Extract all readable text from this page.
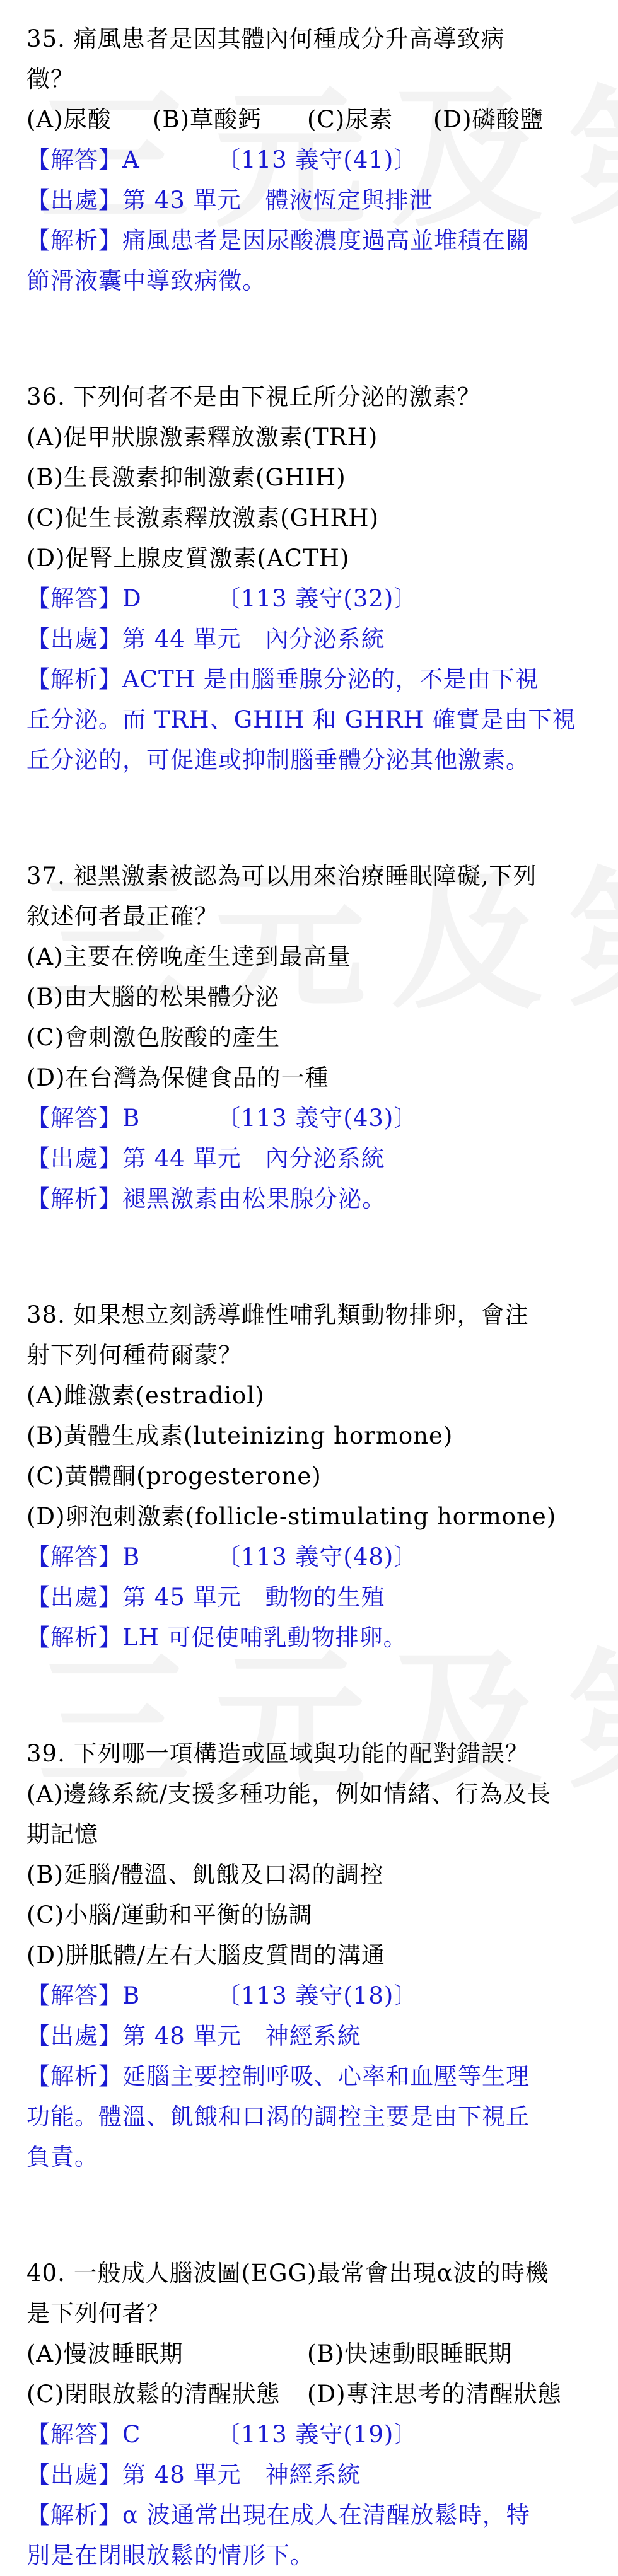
35. 痛風患者是因其體內何種成分升高導致病
徵？
(A)尿酸 (B)草酸鈣 (C)尿素 (D)磷酸鹽
【解答】A	〔113 義守(41)〕
【出處】第 43 單元　體液恆定與排泄
【解析】痛風患者是因尿酸濃度過高並堆積在關
節滑液囊中導致病徵。
36. 下列何者不是由下視丘所分泌的激素？
(A)促甲狀腺激素釋放激素(TRH)
(B)生長激素抑制激素(GHIH)
(C)促生長激素釋放激素(GHRH)
(D)促腎上腺皮質激素(ACTH)
【解答】D	〔113 義守(32)〕
【出處】第 44 單元　內分泌系統
【解析】ACTH 是由腦垂腺分泌的，不是由下視
丘分泌。而 TRH、GHIH 和 GHRH 確實是由下視
丘分泌的，可促進或抑制腦垂體分泌其他激素。
37. 褪黑激素被認為可以用來治療睡眠障礙,下列
敘述何者最正確？
(A)主要在傍晚產生達到最高量
(B)由大腦的松果體分泌
(C)會刺激色胺酸的產生
(D)在台灣為保健食品的一種
【解答】B	〔113 義守(43)〕
【出處】第 44 單元　內分泌系統
【解析】褪黑激素由松果腺分泌。
38. 如果想立刻誘導雌性哺乳類動物排卵，會注
射下列何種荷爾蒙？
(A)雌激素(estradiol)
(B)黃體生成素(luteinizing hormone)
(C)黃體酮(progesterone)
(D)卵泡刺激素(follicle-stimulating hormone)
【解答】B	〔113 義守(48)〕
【出處】第 45 單元　動物的生殖
【解析】LH 可促使哺乳動物排卵。
39. 下列哪一項構造或區域與功能的配對錯誤？
(A)邊緣系統/支援多種功能，例如情緒、行為及長
期記憶
(B)延腦/體溫、飢餓及口渴的調控
(C)小腦/運動和平衡的協調
(D)胼胝體/左右大腦皮質間的溝通
【解答】B	〔113 義守(18)〕
【出處】第 48 單元　神經系統
【解析】延腦主要控制呼吸、心率和血壓等生理
功能。體溫、飢餓和口渴的調控主要是由下視丘
負責。
40. 一般成人腦波圖(EGG)最常會出現α波的時機
是下列何者？
(A)慢波睡眠期	(B)快速動眼睡眠期
(C)閉眼放鬆的清醒狀態 (D)專注思考的清醒狀態
【解答】C	〔113 義守(19)〕
【出處】第 48 單元　神經系統
【解析】α 波通常出現在成人在清醒放鬆時，特
別是在閉眼放鬆的情形下。
